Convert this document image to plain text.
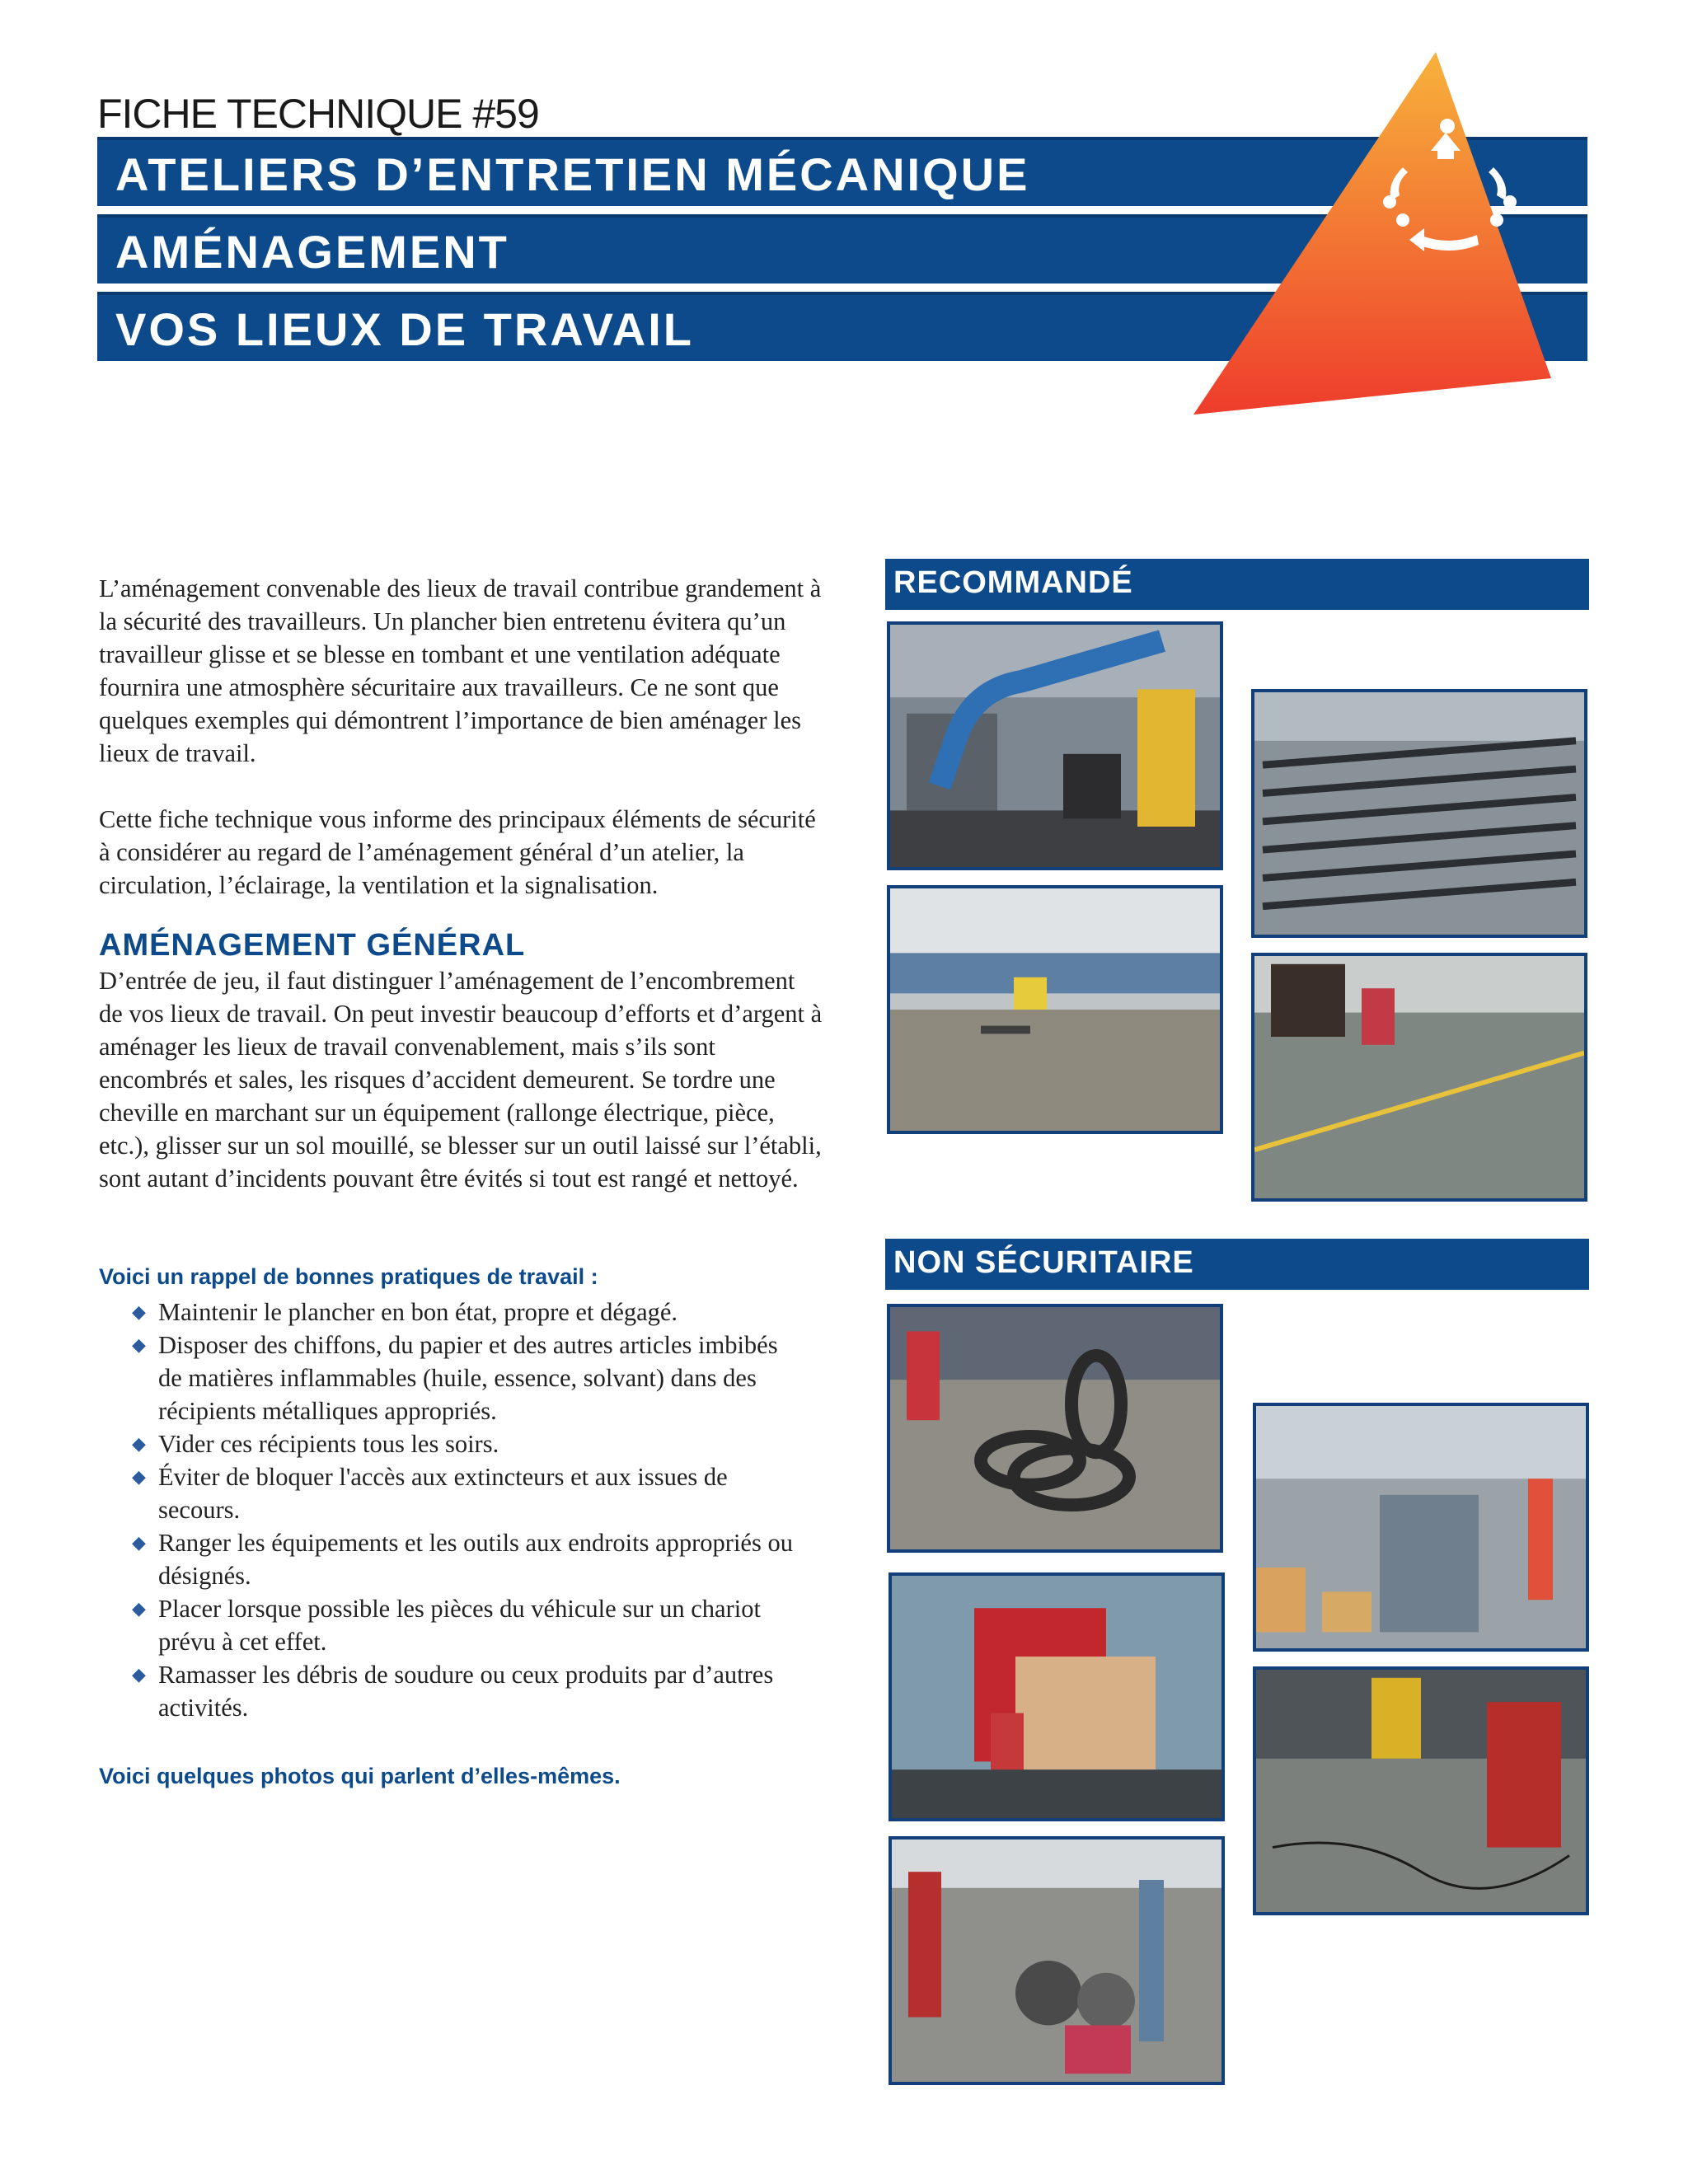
FICHE TECHNIQUE #59
ATELIERS D’ENTRETIEN MÉCANIQUE
AMÉNAGEMENT
VOS LIEUX DE TRAVAIL
L’aménagement convenable des lieux de travail contribue grandement à la sécurité des travailleurs. Un plancher bien entretenu évitera qu’un travailleur glisse et se blesse en tombant et une ventilation adéquate fournira une atmosphère sécuritaire aux travailleurs. Ce ne sont que quelques exemples qui démontrent l’importance de bien aménager les lieux de travail.
Cette fiche technique vous informe des principaux éléments de sécurité à considérer au regard de l’aménagement général d’un atelier, la circulation, l’éclairage, la ventilation et la signalisation.
AMÉNAGEMENT GÉNÉRAL
D’entrée de jeu, il faut distinguer l’aménagement de l’encombrement de vos lieux de travail. On peut investir beaucoup d’efforts et d’argent à aménager les lieux de travail convenablement, mais s’ils sont encombrés et sales, les risques d’accident demeurent. Se tordre une cheville en marchant sur un équipement (rallonge électrique, pièce, etc.), glisser sur un sol mouillé, se blesser sur un outil laissé sur l’établi, sont autant d’incidents pouvant être évités si tout est rangé et nettoyé.
Voici un rappel de bonnes pratiques de travail :
◆ Maintenir le plancher en bon état, propre et dégagé.
◆ Disposer des chiffons, du papier et des autres articles imbibés de matières inflammables (huile, essence, solvant) dans des récipients métalliques appropriés.
◆ Vider ces récipients tous les soirs.
◆ Éviter de bloquer l'accès aux extincteurs et aux issues de secours.
◆ Ranger les équipements et les outils aux endroits appropriés ou désignés.
◆ Placer lorsque possible les pièces du véhicule sur un chariot prévu à cet effet.
◆ Ramasser les débris de soudure ou ceux produits par d’autres activités.
Voici quelques photos qui parlent d’elles-mêmes.
RECOMMANDÉ
NON SÉCURITAIRE
